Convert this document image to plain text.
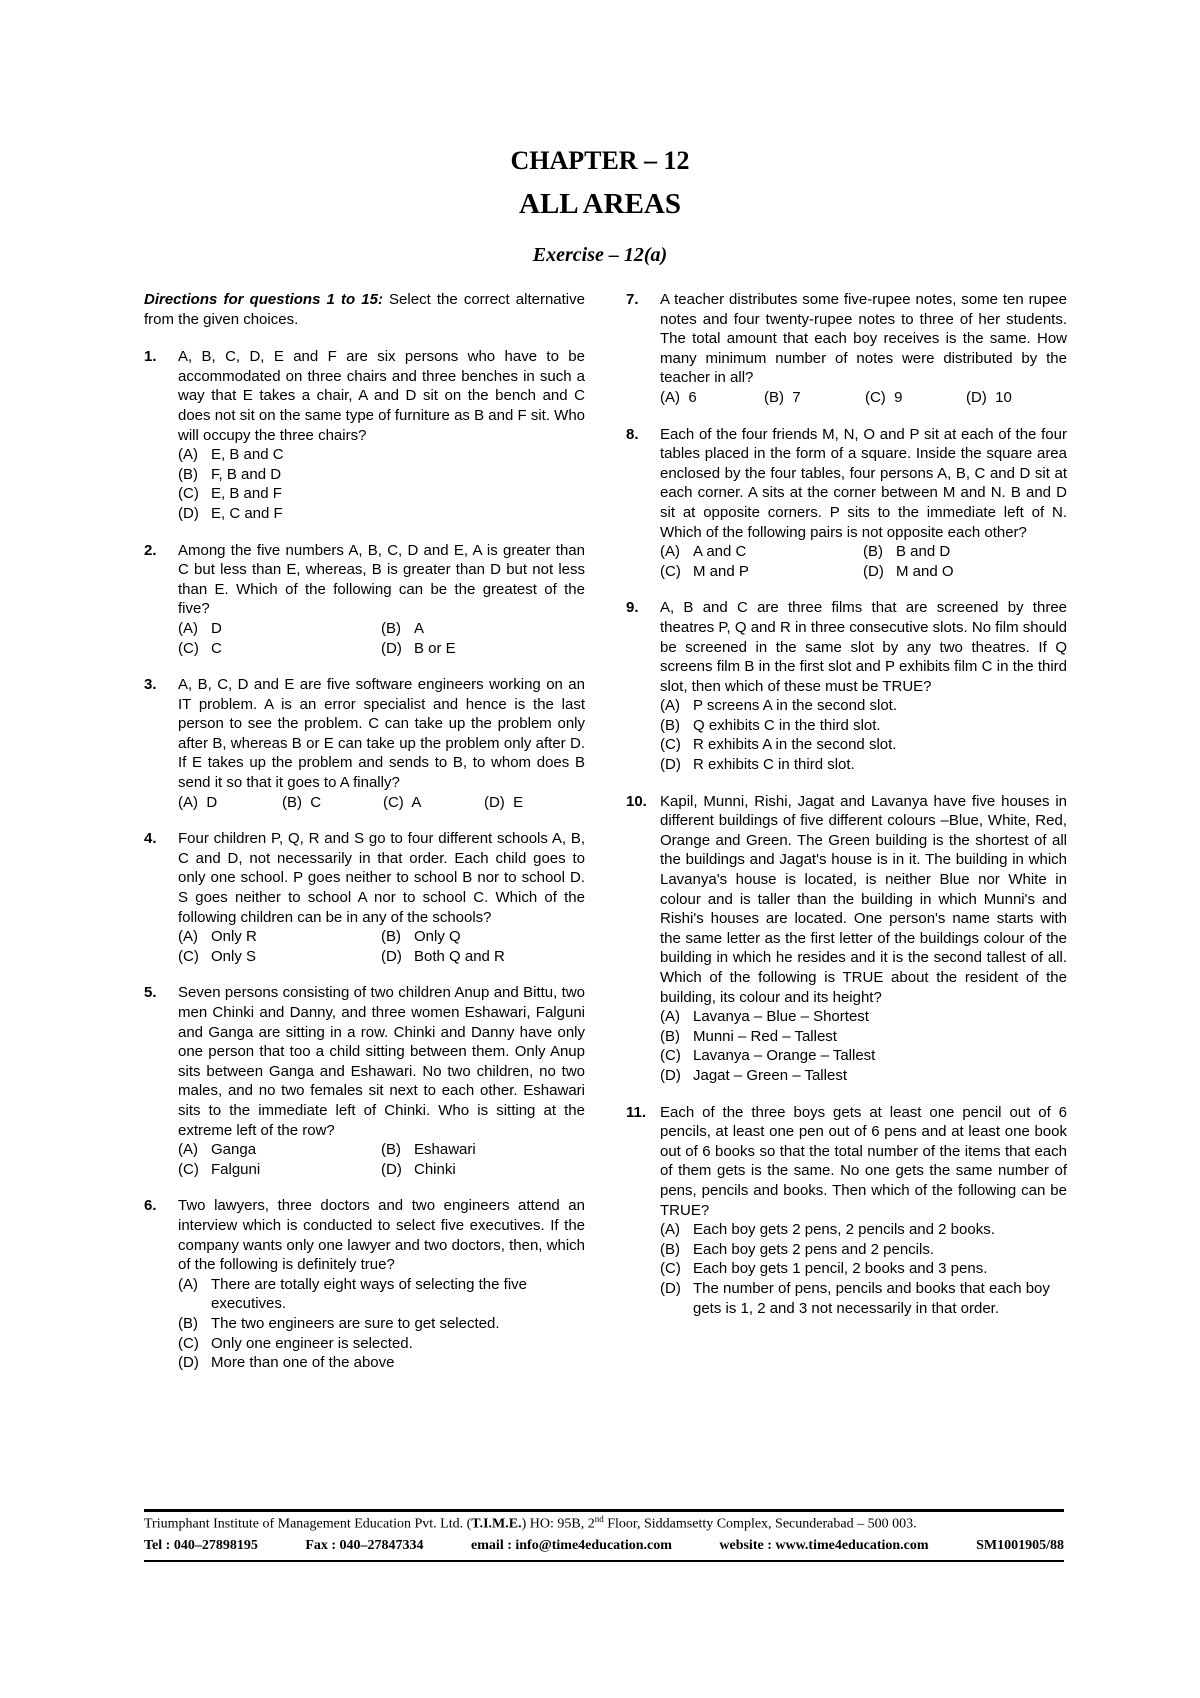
CHAPTER – 12
ALL AREAS
Exercise – 12(a)
Directions for questions 1 to 15: Select the correct alternative from the given choices.
1. A, B, C, D, E and F are six persons who have to be accommodated on three chairs and three benches in such a way that E takes a chair, A and D sit on the bench and C does not sit on the same type of furniture as B and F sit. Who will occupy the three chairs?
(A) E, B and C
(B) F, B and D
(C) E, B and F
(D) E, C and F
2. Among the five numbers A, B, C, D and E, A is greater than C but less than E, whereas, B is greater than D but not less than E. Which of the following can be the greatest of the five?
(A) D	(B) A
(C) C	(D) B or E
3. A, B, C, D and E are five software engineers working on an IT problem. A is an error specialist and hence is the last person to see the problem. C can take up the problem only after B, whereas B or E can take up the problem only after D. If E takes up the problem and sends to B, to whom does B send it so that it goes to A finally?
(A) D	(B) C	(C) A	(D) E
4. Four children P, Q, R and S go to four different schools A, B, C and D, not necessarily in that order. Each child goes to only one school. P goes neither to school B nor to school D. S goes neither to school A nor to school C. Which of the following children can be in any of the schools?
(A) Only R	(B) Only Q
(C) Only S	(D) Both Q and R
5. Seven persons consisting of two children Anup and Bittu, two men Chinki and Danny, and three women Eshawari, Falguni and Ganga are sitting in a row. Chinki and Danny have only one person that too a child sitting between them. Only Anup sits between Ganga and Eshawari. No two children, no two males, and no two females sit next to each other. Eshawari sits to the immediate left of Chinki. Who is sitting at the extreme left of the row?
(A) Ganga	(B) Eshawari
(C) Falguni	(D) Chinki
6. Two lawyers, three doctors and two engineers attend an interview which is conducted to select five executives. If the company wants only one lawyer and two doctors, then, which of the following is definitely true?
(A) There are totally eight ways of selecting the five executives.
(B) The two engineers are sure to get selected.
(C) Only one engineer is selected.
(D) More than one of the above
7. A teacher distributes some five-rupee notes, some ten rupee notes and four twenty-rupee notes to three of her students. The total amount that each boy receives is the same. How many minimum number of notes were distributed by the teacher in all?
(A) 6	(B) 7	(C) 9	(D) 10
8. Each of the four friends M, N, O and P sit at each of the four tables placed in the form of a square. Inside the square area enclosed by the four tables, four persons A, B, C and D sit at each corner. A sits at the corner between M and N. B and D sit at opposite corners. P sits to the immediate left of N. Which of the following pairs is not opposite each other?
(A) A and C	(B) B and D
(C) M and P	(D) M and O
9. A, B and C are three films that are screened by three theatres P, Q and R in three consecutive slots. No film should be screened in the same slot by any two theatres. If Q screens film B in the first slot and P exhibits film C in the third slot, then which of these must be TRUE?
(A) P screens A in the second slot.
(B) Q exhibits C in the third slot.
(C) R exhibits A in the second slot.
(D) R exhibits C in third slot.
10. Kapil, Munni, Rishi, Jagat and Lavanya have five houses in different buildings of five different colours –Blue, White, Red, Orange and Green. The Green building is the shortest of all the buildings and Jagat's house is in it. The building in which Lavanya's house is located, is neither Blue nor White in colour and is taller than the building in which Munni's and Rishi's houses are located. One person's name starts with the same letter as the first letter of the buildings colour of the building in which he resides and it is the second tallest of all. Which of the following is TRUE about the resident of the building, its colour and its height?
(A) Lavanya – Blue – Shortest
(B) Munni – Red – Tallest
(C) Lavanya – Orange – Tallest
(D) Jagat – Green – Tallest
11. Each of the three boys gets at least one pencil out of 6 pencils, at least one pen out of 6 pens and at least one book out of 6 books so that the total number of the items that each of them gets is the same. No one gets the same number of pens, pencils and books. Then which of the following can be TRUE?
(A) Each boy gets 2 pens, 2 pencils and 2 books.
(B) Each boy gets 2 pens and 2 pencils.
(C) Each boy gets 1 pencil, 2 books and 3 pens.
(D) The number of pens, pencils and books that each boy gets is 1, 2 and 3 not necessarily in that order.
Triumphant Institute of Management Education Pvt. Ltd. (T.I.M.E.) HO: 95B, 2nd Floor, Siddamsetty Complex, Secunderabad – 500 003.
Tel : 040–27898195	Fax : 040–27847334	email : info@time4education.com	website : www.time4education.com	SM1001905/88
